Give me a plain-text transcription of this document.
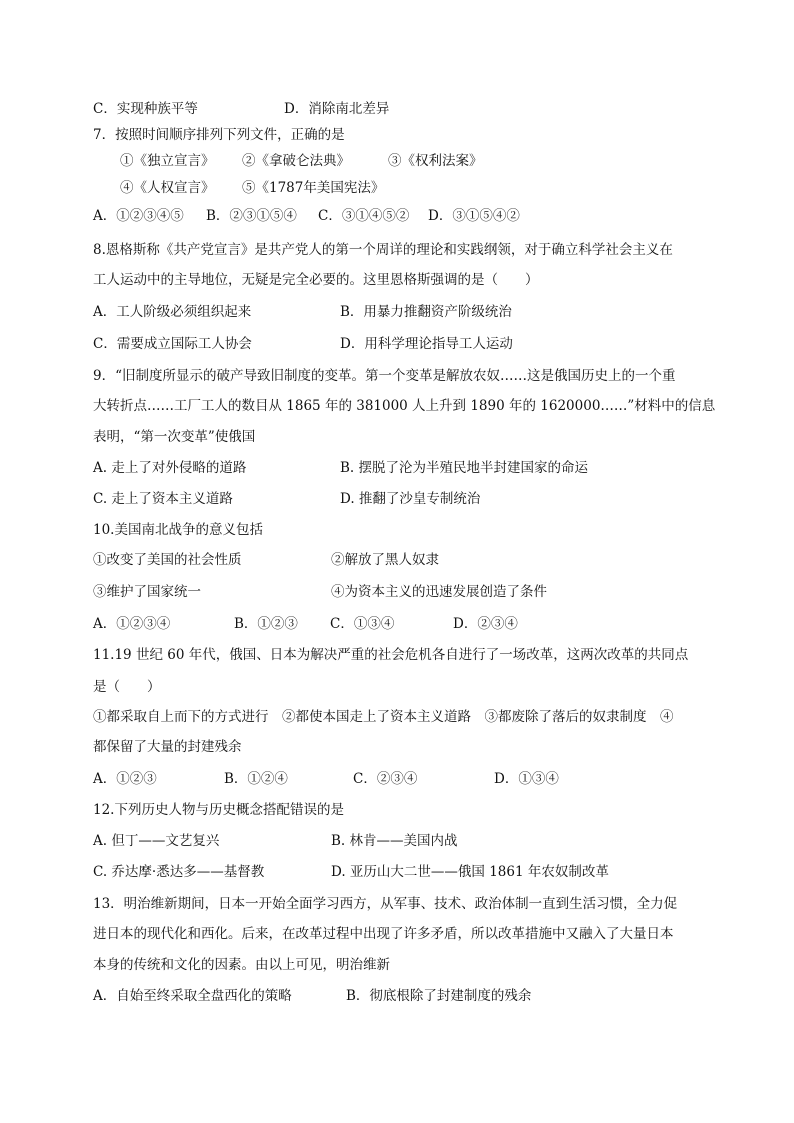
C．实现种族平等	D．消除南北差异
7．按照时间顺序排列下列文件，正确的是
①《独立宣言》 ②《拿破仑法典》	③《权利法案》
④《人权宣言》 ⑤《1787年美国宪法》
A．①②③④⑤ B．②③①⑤④ C．③①④⑤② D．③①⑤④②
8.恩格斯称《共产党宣言》是共产党人的第一个周详的理论和实践纲领，对于确立科学社会主义在
工人运动中的主导地位，无疑是完全必要的。这里恩格斯强调的是（　　）
A．工人阶级必须组织起来	B．用暴力推翻资产阶级统治
C．需要成立国际工人协会	D．用科学理论指导工人运动
9．“旧制度所显示的破产导致旧制度的变革。第一个变革是解放农奴……这是俄国历史上的一个重
大转折点……工厂工人的数目从 1865 年的 381000 人上升到 1890 年的 1620000……”材料中的信息
表明，“第一次变革”使俄国
A. 走上了对外侵略的道路	B. 摆脱了沦为半殖民地半封建国家的命运
C. 走上了资本主义道路	D. 推翻了沙皇专制统治
10.美国南北战争的意义包括
①改变了美国的社会性质	②解放了黑人奴隶
③维护了国家统一	④为资本主义的迅速发展创造了条件
A．①②③④	B．①②③ C．①③④	D．②③④
11.19 世纪 60 年代，俄国、日本为解决严重的社会危机各自进行了一场改革，这两次改革的共同点
是（　　）
①都采取自上而下的方式进行　②都使本国走上了资本主义道路　③都废除了落后的奴隶制度　④
都保留了大量的封建残余
A．①②③	B．①②④	C．②③④	D．①③④
12.下列历史人物与历史概念搭配错误的是
A. 但丁——文艺复兴	B. 林肯——美国内战
C. 乔达摩·悉达多——基督教	D. 亚历山大二世——俄国 1861 年农奴制改革
13．明治维新期间，日本一开始全面学习西方，从军事、技术、政治体制一直到生活习惯，全力促
进日本的现代化和西化。后来，在改革过程中出现了许多矛盾，所以改革措施中又融入了大量日本
本身的传统和文化的因素。由以上可见，明治维新
A．自始至终采取全盘西化的策略	B．彻底根除了封建制度的残余
